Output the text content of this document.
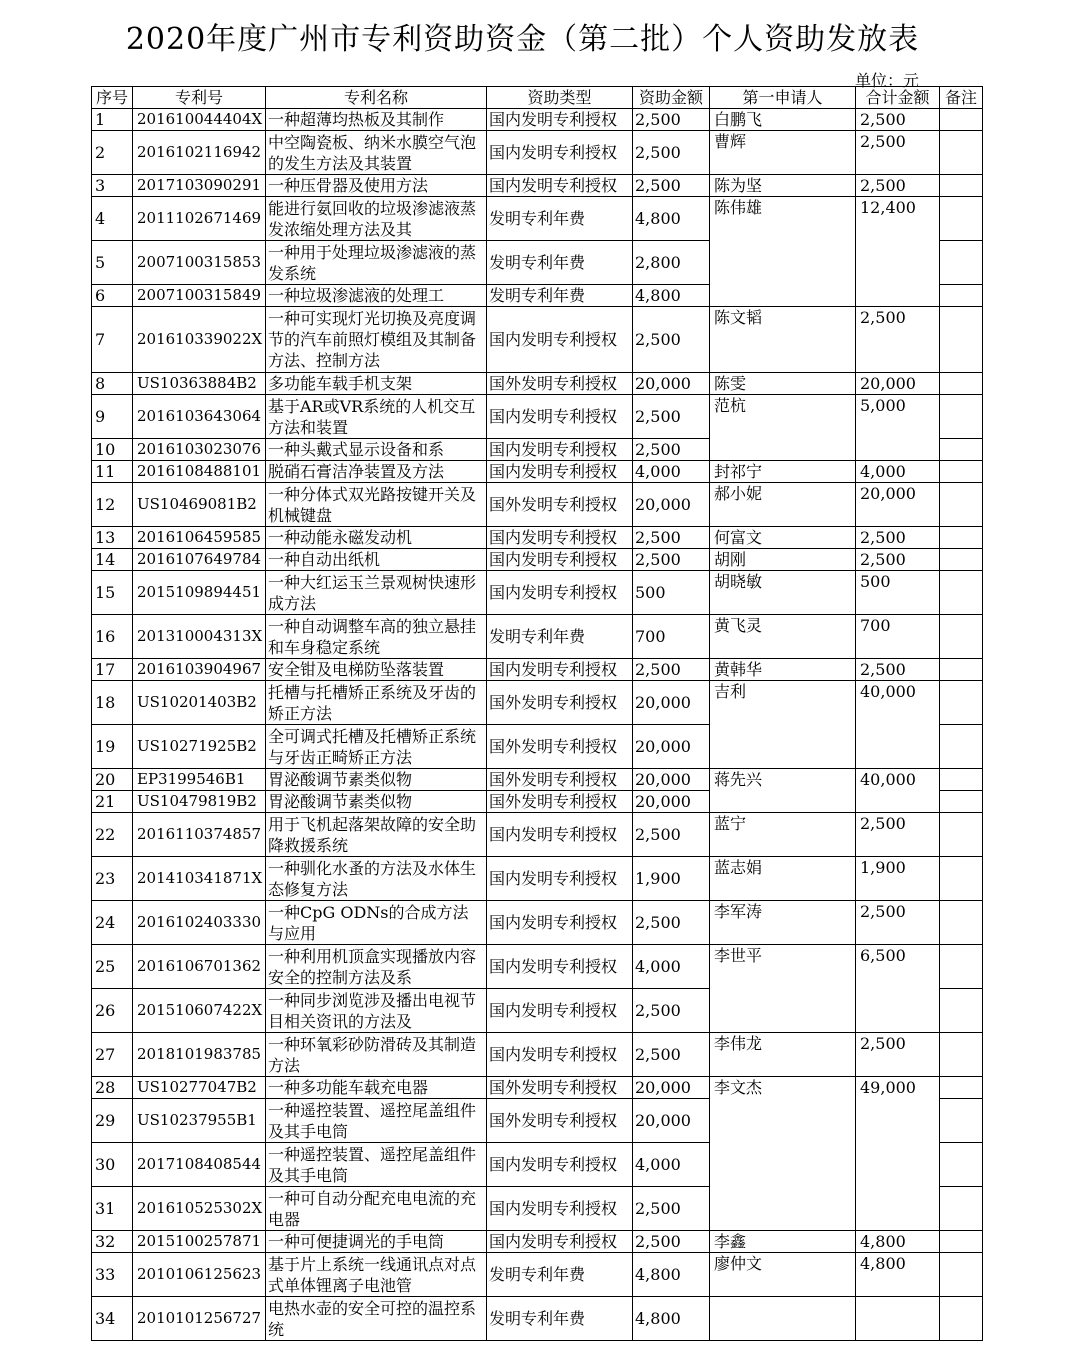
2020年度广州市专利资助资金（第二批）个人资助发放表
单位：元
序号	专利号	专利名称	资助类型	资助金额	第一申请人	合计金额	备注
1	201610044404X	一种超薄均热板及其制作	国内发明专利授权	2,500	白鹏飞	2,500	
2	2016102116942	中空陶瓷板、纳米水膜空气泡的发生方法及其装置	国内发明专利授权	2,500	曹辉	2,500	
3	2017103090291	一种压骨器及使用方法	国内发明专利授权	2,500	陈为坚	2,500	
4	2011102671469	能进行氨回收的垃圾渗滤液蒸发浓缩处理方法及其	发明专利年费	4,800	陈伟雄	12,400	
5	2007100315853	一种用于处理垃圾渗滤液的蒸发系统	发明专利年费	2,800			
6	2007100315849	一种垃圾渗滤液的处理工	发明专利年费	4,800			
7	201610339022X	一种可实现灯光切换及亮度调节的汽车前照灯模组及其制备方法、控制方法	国内发明专利授权	2,500	陈文韬	2,500	
8	US10363884B2	多功能车载手机支架	国外发明专利授权	20,000	陈雯	20,000	
9	2016103643064	基于AR或VR系统的人机交互方法和装置	国内发明专利授权	2,500	范杭	5,000	
10	2016103023076	一种头戴式显示设备和系	国内发明专利授权	2,500			
11	2016108488101	脱硝石膏洁净装置及方法	国内发明专利授权	4,000	封祁宁	4,000	
12	US10469081B2	一种分体式双光路按键开关及机械键盘	国外发明专利授权	20,000	郝小妮	20,000	
13	2016106459585	一种动能永磁发动机	国内发明专利授权	2,500	何富文	2,500	
14	2016107649784	一种自动出纸机	国内发明专利授权	2,500	胡刚	2,500	
15	2015109894451	一种大红运玉兰景观树快速形成方法	国内发明专利授权	500	胡晓敏	500	
16	201310004313X	一种自动调整车高的独立悬挂和车身稳定系统	发明专利年费	700	黄飞灵	700	
17	2016103904967	安全钳及电梯防坠落装置	国内发明专利授权	2,500	黄韩华	2,500	
18	US10201403B2	托槽与托槽矫正系统及牙齿的矫正方法	国外发明专利授权	20,000	吉利	40,000	
19	US10271925B2	全可调式托槽及托槽矫正系统与牙齿正畸矫正方法	国外发明专利授权	20,000			
20	EP3199546B1	胃泌酸调节素类似物	国外发明专利授权	20,000	蒋先兴	40,000	
21	US10479819B2	胃泌酸调节素类似物	国外发明专利授权	20,000			
22	2016110374857	用于飞机起落架故障的安全助降救援系统	国内发明专利授权	2,500	蓝宁	2,500	
23	201410341871X	一种驯化水蚤的方法及水体生态修复方法	国内发明专利授权	1,900	蓝志娟	1,900	
24	2016102403330	一种CpG ODNs的合成方法与应用	国内发明专利授权	2,500	李军涛	2,500	
25	2016106701362	一种利用机顶盒实现播放内容安全的控制方法及系	国内发明专利授权	4,000	李世平	6,500	
26	201510607422X	一种同步浏览涉及播出电视节目相关资讯的方法及	国内发明专利授权	2,500			
27	2018101983785	一种环氧彩砂防滑砖及其制造方法	国内发明专利授权	2,500	李伟龙	2,500	
28	US10277047B2	一种多功能车载充电器	国外发明专利授权	20,000	李文杰	49,000	
29	US10237955B1	一种遥控装置、遥控尾盖组件及其手电筒	国外发明专利授权	20,000			
30	2017108408544	一种遥控装置、遥控尾盖组件及其手电筒	国内发明专利授权	4,000			
31	201610525302X	一种可自动分配充电电流的充电器	国内发明专利授权	2,500			
32	2015100257871	一种可便捷调光的手电筒	国内发明专利授权	2,500	李鑫	4,800	
33	2010106125623	基于片上系统一线通讯点对点式单体锂离子电池管	发明专利年费	4,800	廖仲文	4,800	
34	2010101256727	电热水壶的安全可控的温控系统	发明专利年费	4,800			
